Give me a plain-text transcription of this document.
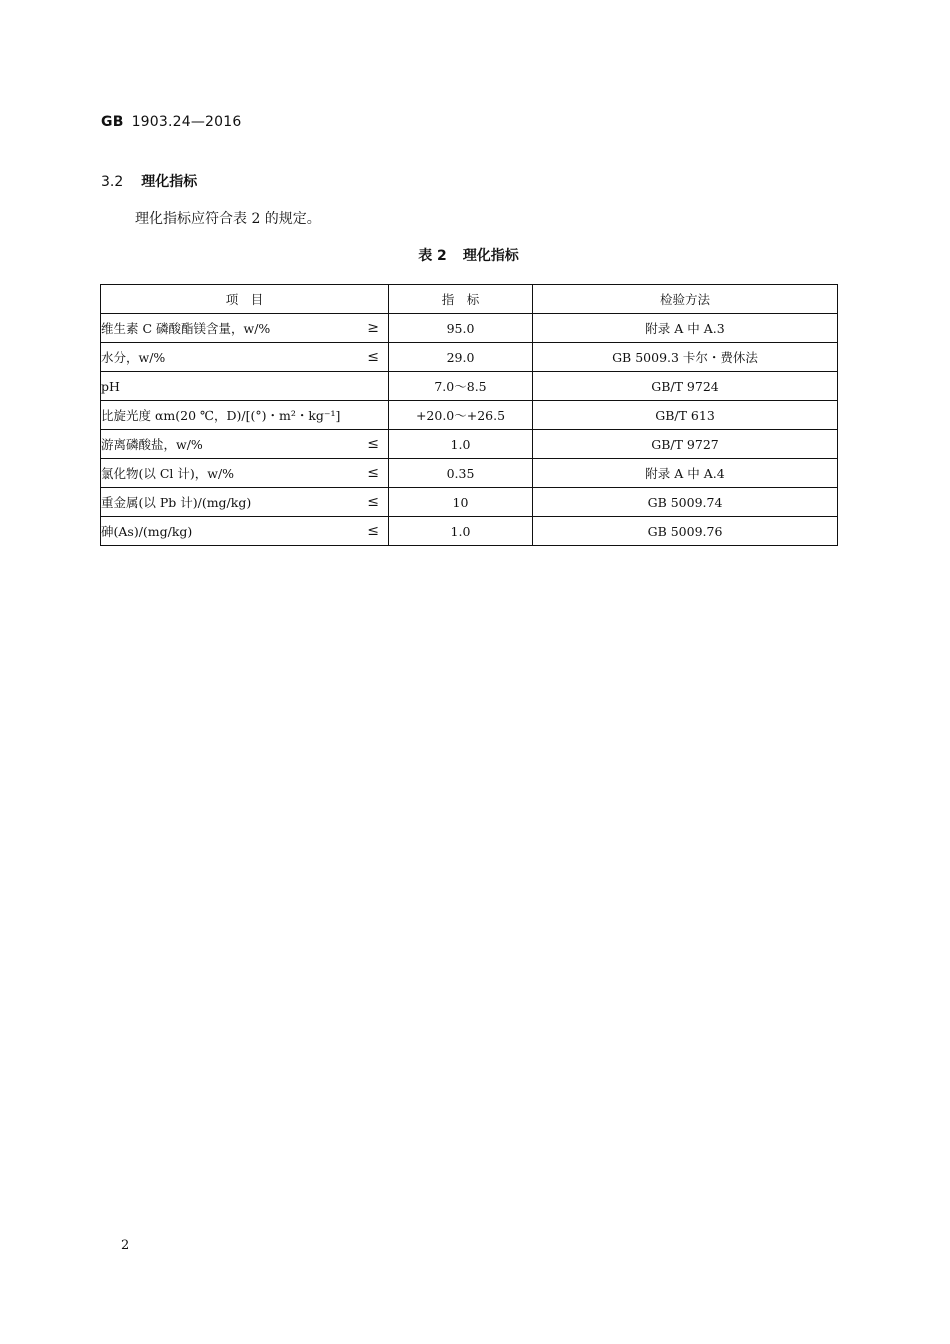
GB 1903.24—2016
3.2 理化指标
理化指标应符合表 2 的规定。
表 2 理化指标
项　目	指　标	检验方法
维生素 C 磷酸酯镁含量，w/% ≥	95.0	附录 A 中 A.3
水分，w/% ≤	29.0	GB 5009.3 卡尔・费休法
pH	7.0～8.5	GB/T 9724
比旋光度 αm(20 ℃，D)/[(°)・m²・kg⁻¹]	+20.0～+26.5	GB/T 613
游离磷酸盐，w/% ≤	1.0	GB/T 9727
氯化物(以 Cl 计)，w/% ≤	0.35	附录 A 中 A.4
重金属(以 Pb 计)/(mg/kg) ≤	10	GB 5009.74
砷(As)/(mg/kg) ≤	1.0	GB 5009.76
2
